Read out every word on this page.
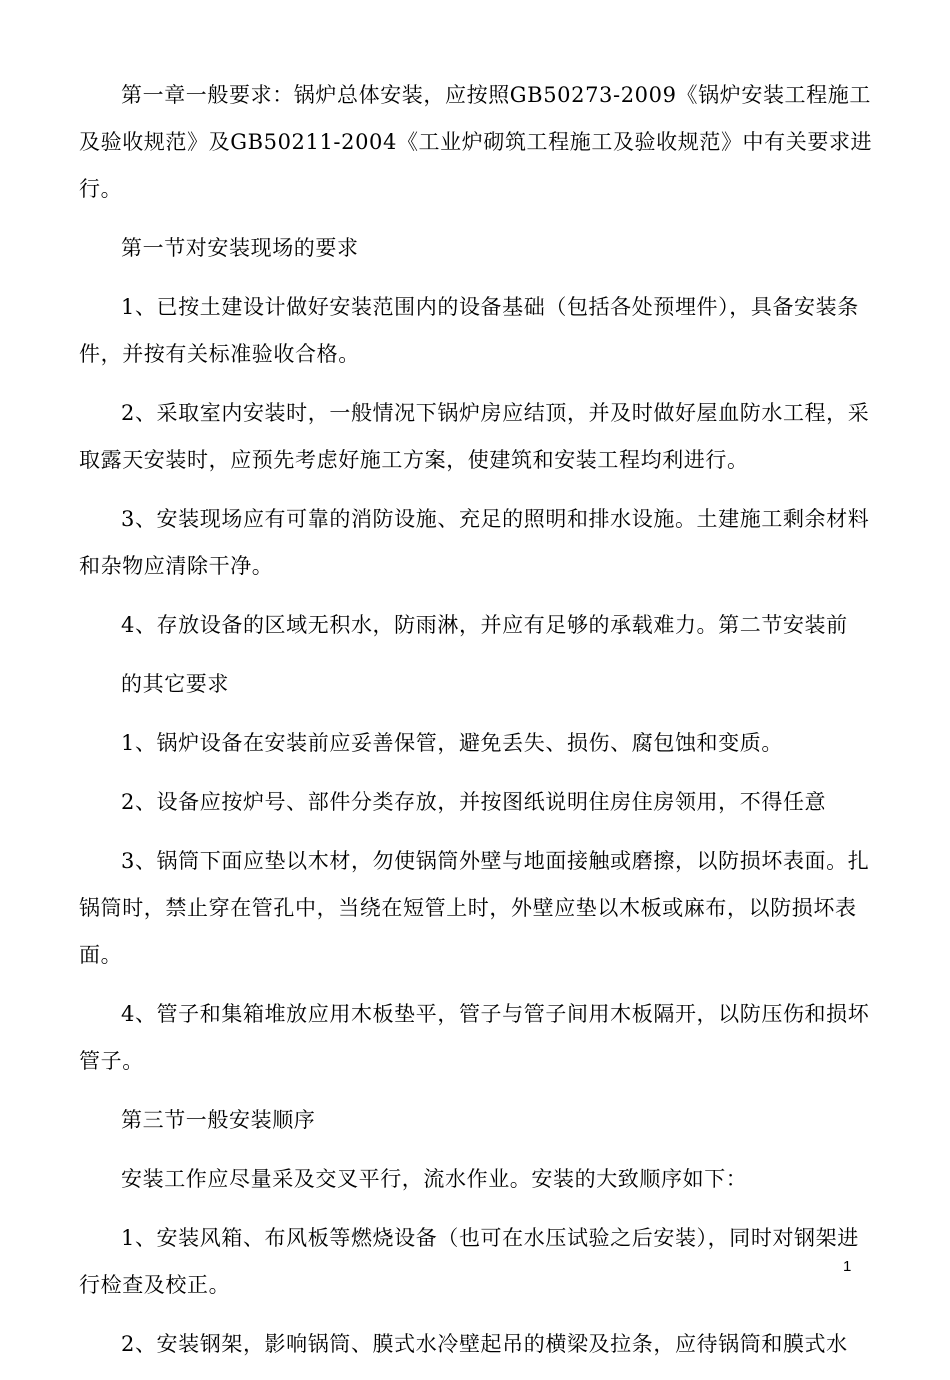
第一章一般要求：锅炉总体安装，应按照GB50273-2009《锅炉安装工程施工及验收规范》及GB50211-2004《工业炉砌筑工程施工及验收规范》中有关要求进行。

第一节对安装现场的要求

1、已按土建设计做好安装范围内的设备基础（包括各处预埋件），具备安装条件，并按有关标准验收合格。

2、采取室内安装时，一般情况下锅炉房应结顶，并及时做好屋血防水工程，采取露天安装时，应预先考虑好施工方案，使建筑和安装工程均利进行。

3、安装现场应有可靠的消防设施、充足的照明和排水设施。土建施工剩余材料和杂物应清除干净。

4、存放设备的区域无积水，防雨淋，并应有足够的承载难力。第二节安装前

的其它要求

1、锅炉设备在安装前应妥善保管，避免丢失、损伤、腐包蚀和变质。

2、设备应按炉号、部件分类存放，并按图纸说明住房住房领用，不得任意

3、锅筒下面应垫以木材，勿使锅筒外壁与地面接触或磨擦，以防损坏表面。扎锅筒时，禁止穿在管孔中，当绕在短管上时，外壁应垫以木板或麻布，以防损坏表面。

4、管子和集箱堆放应用木板垫平，管子与管子间用木板隔开，以防压伤和损坏管子。

第三节一般安装顺序

安装工作应尽量采及交叉平行，流水作业。安装的大致顺序如下：

1、安装风箱、布风板等燃烧设备（也可在水压试验之后安装），同时对钢架进行检查及校正。

2、安装钢架，影响锅筒、膜式水冷壁起吊的横梁及拉条，应待锅筒和膜式水

1
